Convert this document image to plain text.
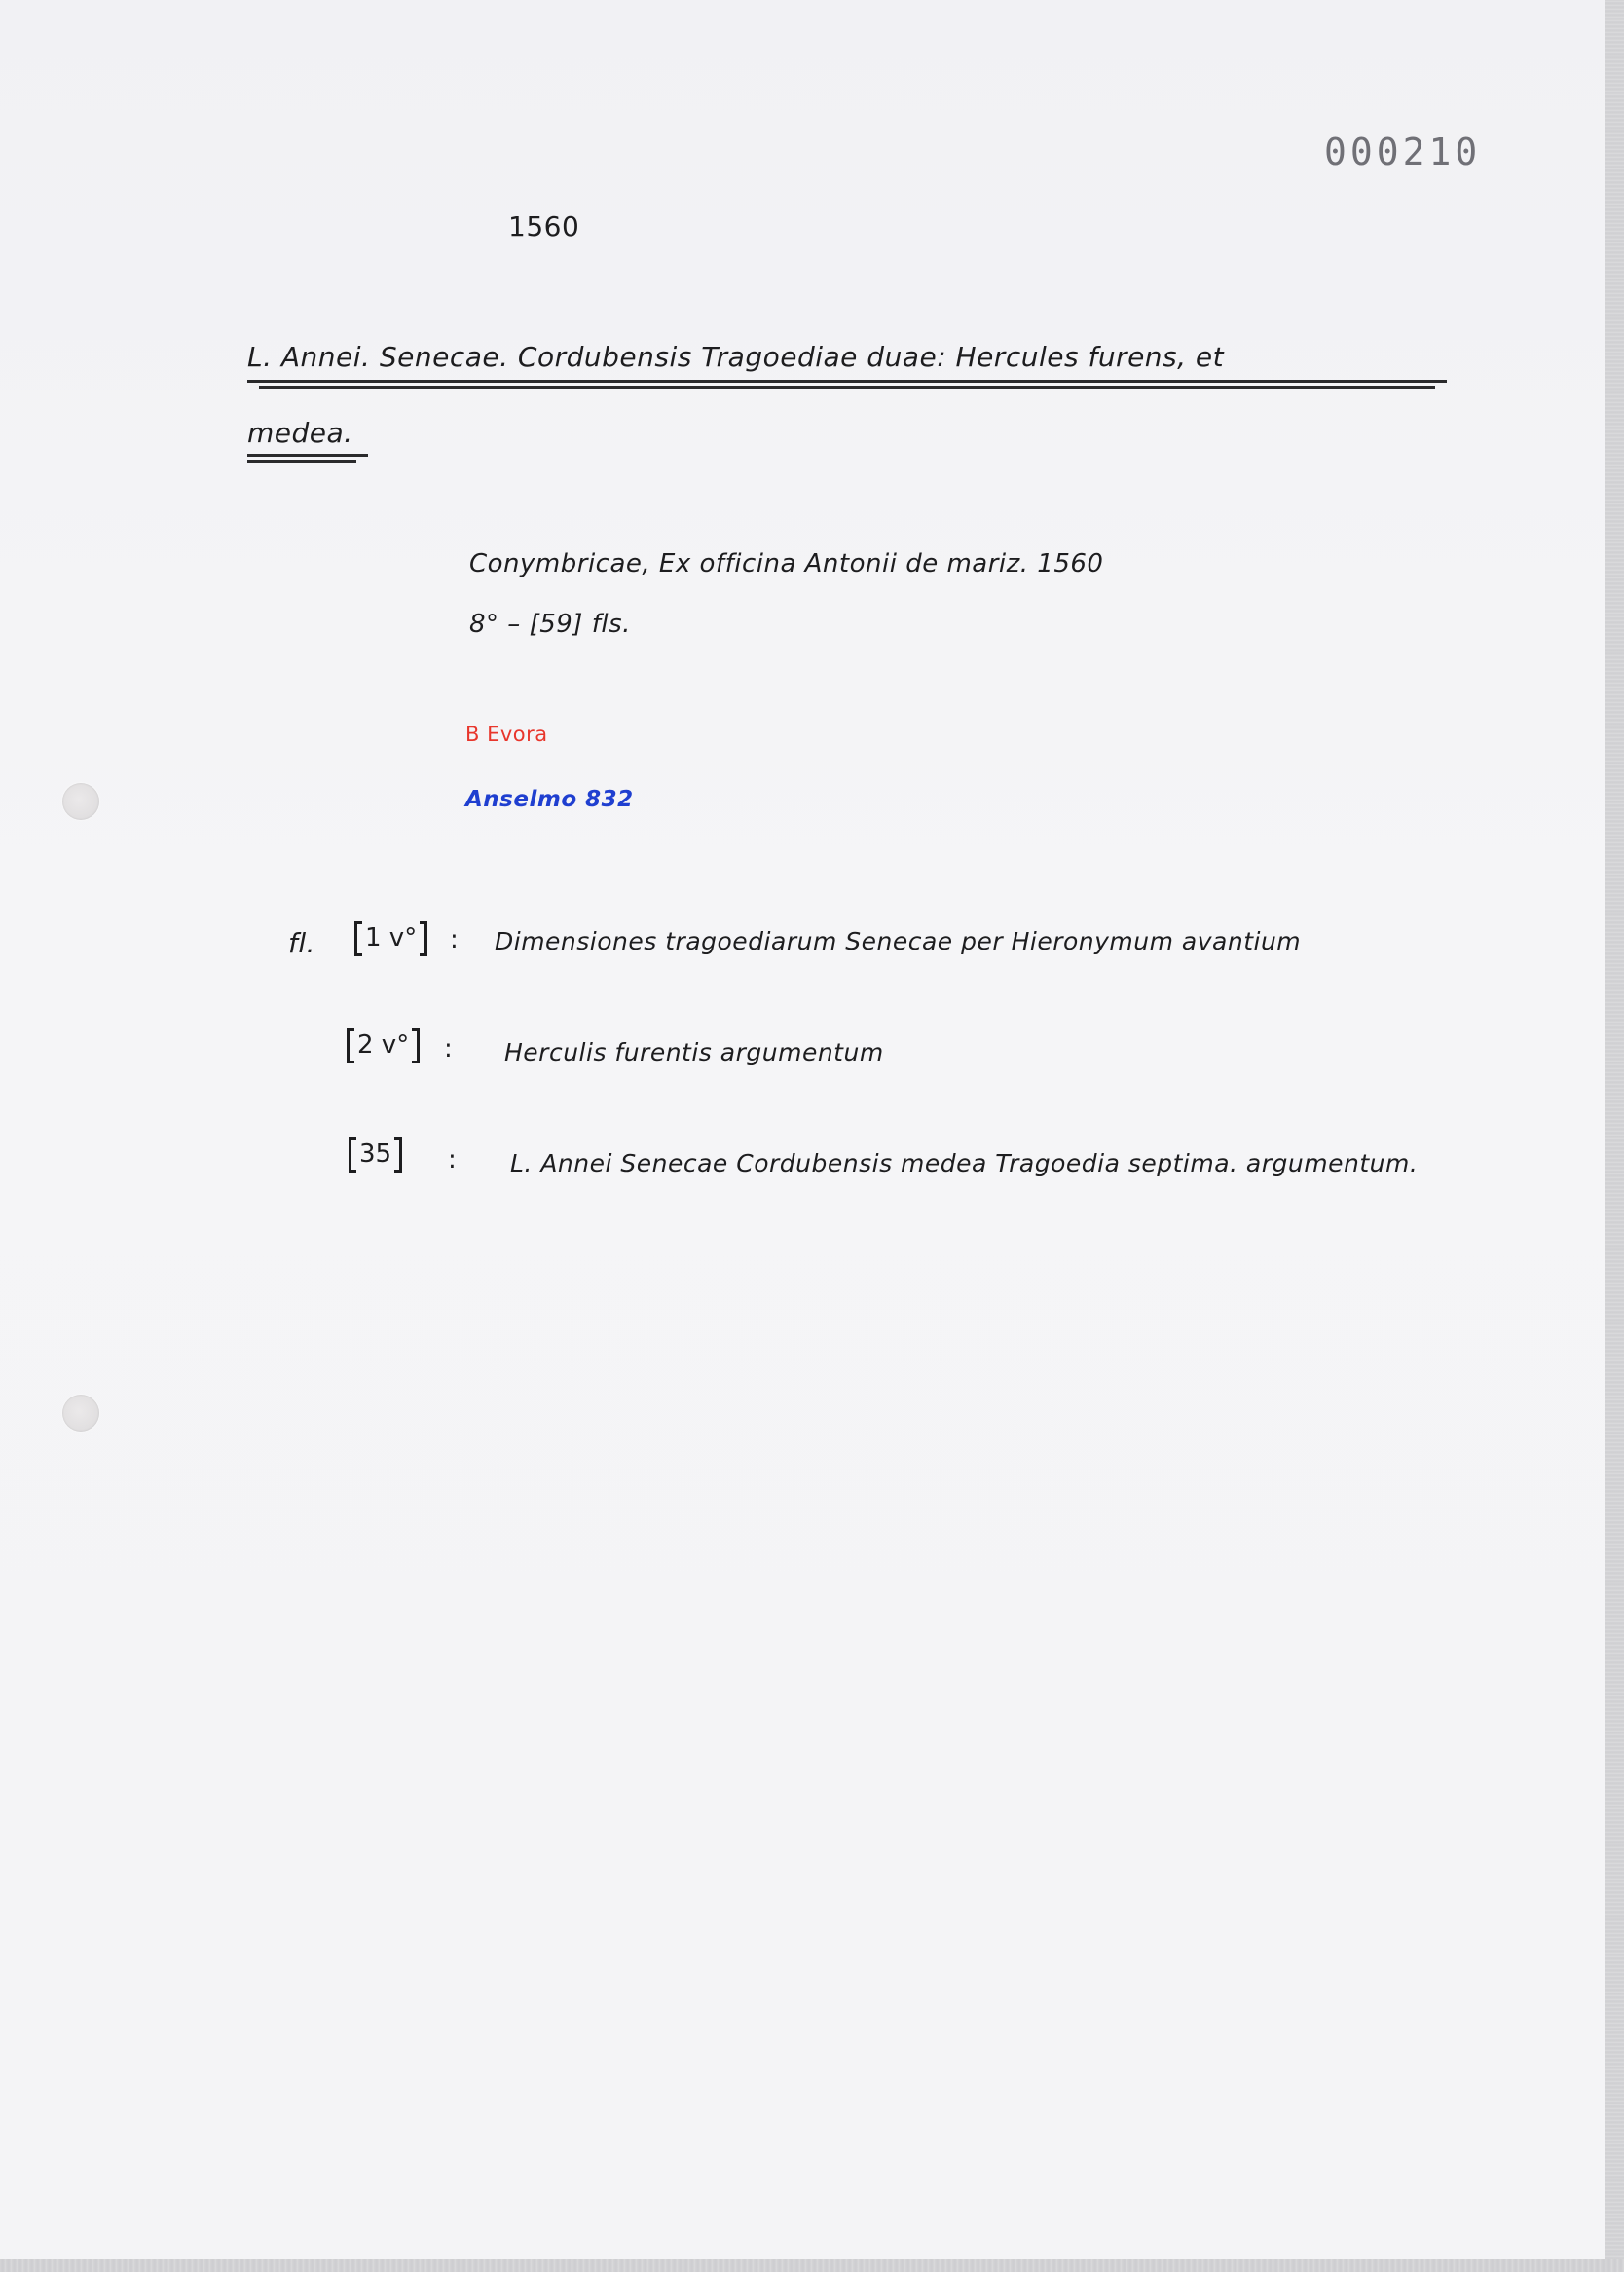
000210
1560
L. Annei. Senecae. Cordubensis Tragoediae duae: Hercules furens, et
medea.
Conymbricae, Ex officina Antonii de mariz. 1560
8° – [59] fls.
B Evora
Anselmo 832
fl.	1 v°	: Dimensiones tragoediarum Senecae per Hieronymum avantium
2 v°	: Herculis furentis argumentum
35	: L. Annei Senecae Cordubensis medea Tragoedia septima. argumentum.
